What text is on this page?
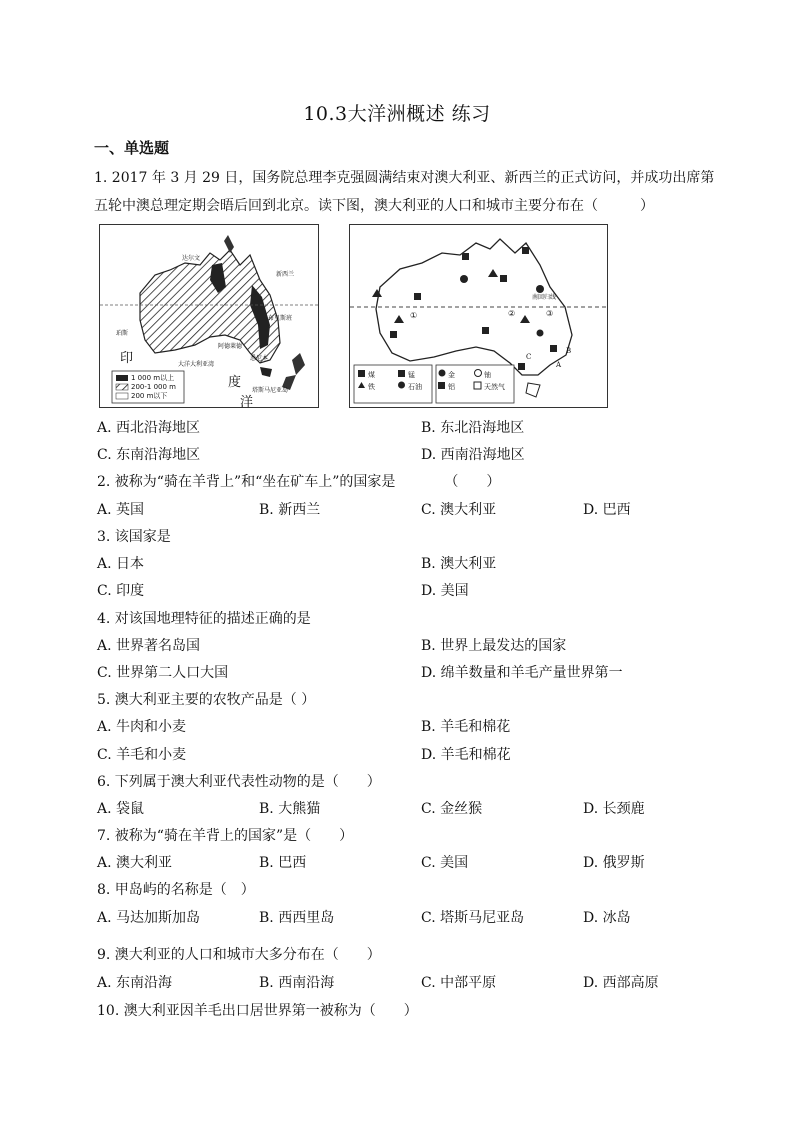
10.3大洋洲概述 练习
一、单选题
1. 2017 年 3 月 29 日，国务院总理李克强圆满结束对澳大利亚、新西兰的正式访问，并成功出席第
五轮中澳总理定期会晤后回到北京。读下图，澳大利亚的人口和城市主要分布在（　　　）
1 000 m以上
200-1 000 m
200 m以下
印
度
洋
大洋大利亚湾
悉尼本
塔斯马尼亚岛
珀斯
阿德莱德
布里斯班
达尔文
新西兰
南回归线
①	②	③
A
B
C
煤
铁
锰
石油
金
铝
铀
天然气
A. 西北沿海地区	B. 东北沿海地区
C. 东南沿海地区	D. 西南沿海地区
2. 被称为“骑在羊背上”和“坐在矿车上”的国家是　　　　（　　）
A. 英国	B. 新西兰	C. 澳大利亚	D. 巴西
3. 该国家是
A. 日本	B. 澳大利亚
C. 印度	D. 美国
4. 对该国地理特征的描述正确的是
A. 世界著名岛国	B. 世界上最发达的国家
C. 世界第二人口大国	D. 绵羊数量和羊毛产量世界第一
5. 澳大利亚主要的农牧产品是（ ）
A. 牛肉和小麦	B. 羊毛和棉花
C. 羊毛和小麦	D. 羊毛和棉花
6. 下列属于澳大利亚代表性动物的是（　　）
A. 袋鼠	B. 大熊猫	C. 金丝猴	D. 长颈鹿
7. 被称为“骑在羊背上的国家”是（　　）
A. 澳大利亚	B. 巴西	C. 美国	D. 俄罗斯
8. 甲岛屿的名称是（　）
A. 马达加斯加岛	B. 西西里岛	C. 塔斯马尼亚岛	D. 冰岛
9. 澳大利亚的人口和城市大多分布在（　　）
A. 东南沿海	B. 西南沿海	C. 中部平原	D. 西部高原
10. 澳大利亚因羊毛出口居世界第一被称为（　　）
